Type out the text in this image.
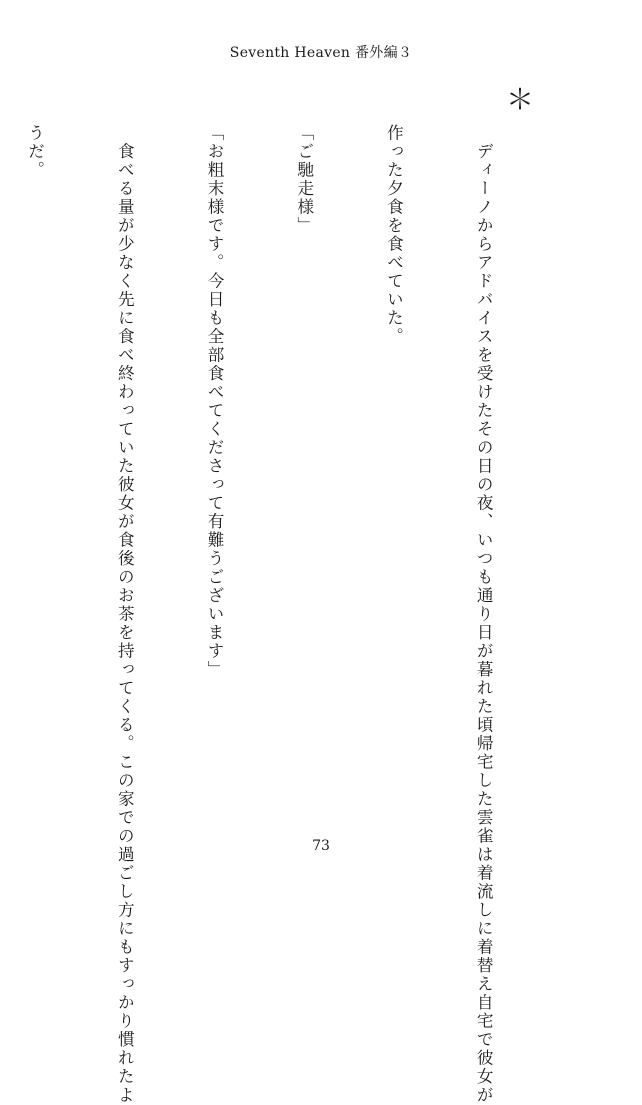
Seventh Heaven 番外編３
＊

　ディーノからアドバイスを受けたその日の夜、いつも通り日が暮れた頃帰宅した雲雀は着流しに着替え自宅で彼女が

作った夕食を食べていた。

「ご馳走様」

「お粗末様です。今日も全部食べてくださって有難うございます」

　食べる量が少なく先に食べ終わっていた彼女が食後のお茶を持ってくる。この家での過ごし方にもすっかり慣れたよ

うだ。

73
